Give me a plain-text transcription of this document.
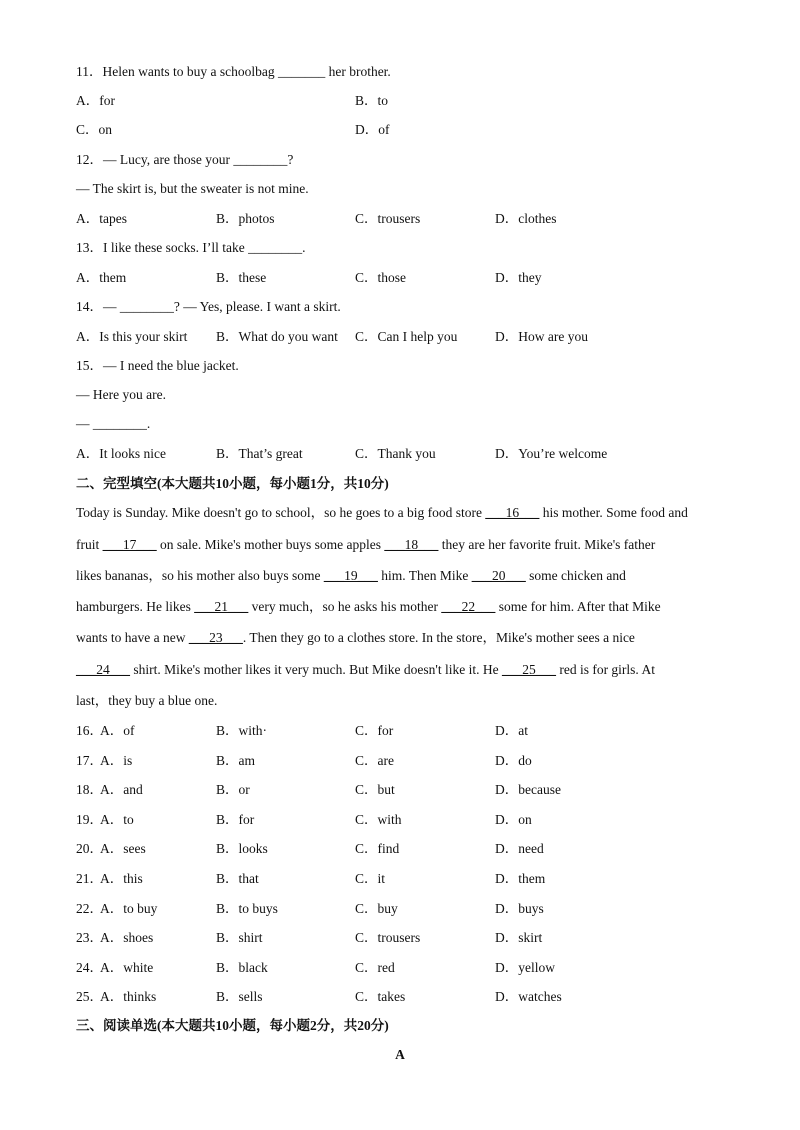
11．Helen wants to buy a schoolbag _______ her brother.
A．for	B．to
C．on	D．of
12．— Lucy, are those your ________?
— The skirt is, but the sweater is not mine.
A．tapes	B．photos	C．trousers	D．clothes
13．I like these socks. I’ll take ________.
A．them	B．these	C．those	D．they
14．— ________? — Yes, please. I want a skirt.
A．Is this your skirt B．What do you want C．Can I help you	D．How are you
15．— I need the blue jacket.
— Here you are.
— ________.
A．It looks nice	B．That’s great	C．Thank you	D．You’re welcome
二、完型填空(本大题共10小题，每小题1分，共10分)
Today is Sunday. Mike doesn't go to school，so he goes to a big food store ___16___ his mother. Some food and
fruit ___17___ on sale. Mike's mother buys some apples ___18___ they are her favorite fruit. Mike's father
likes bananas，so his mother also buys some ___19___ him. Then Mike ___20___ some chicken and
hamburgers. He likes ___21___ very much，so he asks his mother ___22___ some for him. After that Mike
wants to have a new ___23___. Then they go to a clothes store. In the store，Mike's mother sees a nice
___24___ shirt. Mike's mother likes it very much. But Mike doesn't like it. He ___25___ red is for girls. At
last，they buy a blue one.
16．
A．of	B．with·	C．for	D．at
17．
A．is	B．am	C．are	D．do
18．
A．and	B．or	C．but	D．because
19．
A．to	B．for	C．with	D．on
20．
A．sees	B．looks	C．find	D．need
21．
A．this	B．that	C．it	D．them
22．
A．to buy	B．to buys	C．buy	D．buys
23．
A．shoes	B．shirt	C．trousers	D．skirt
24．
A．white	B．black	C．red	D．yellow
25．
A．thinks	B．sells	C．takes	D．watches
三、阅读单选(本大题共10小题，每小题2分，共20分)
A
